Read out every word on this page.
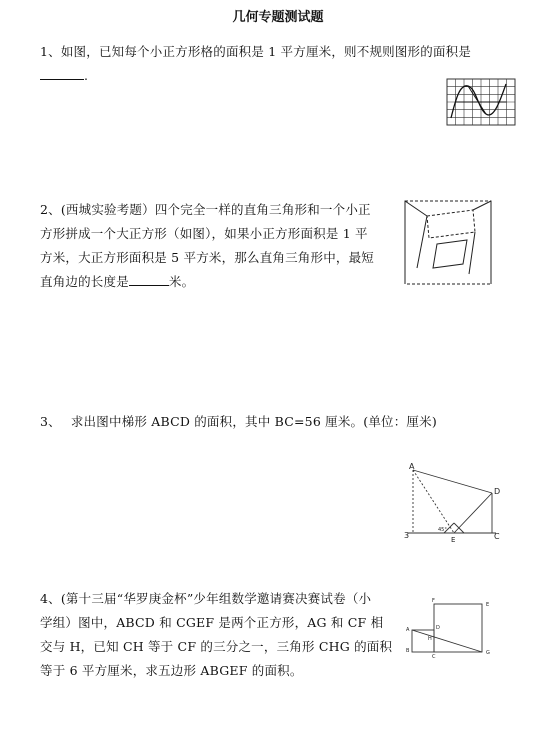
几何专题测试题
1、如图，已知每个小正方形格的面积是 1 平方厘米，则不规则图形的面积是
.
2、(西城实验考题）四个完全一样的直角三角形和一个小正
方形拼成一个大正方形（如图），如果小正方形面积是 1 平
方米，大正方形面积是 5 平方米，那么直角三角形中，最短
直角边的长度是	米。
3、 求出图中梯形 ABCD 的面积，其中 BC=56 厘米。(单位：厘米)
A
3	C
D
E
45°
4、(第十三届“华罗庚金杯”少年组数学邀请赛决赛试卷（小
学组）图中，ABCD 和 CGEF 是两个正方形，AG 和 CF 相
交与 H，已知 CH 等于 CF 的三分之一，三角形 CHG 的面积
等于 6 平方厘米，求五边形 ABGEF 的面积。
A
B
C
D
E
F
G
H
